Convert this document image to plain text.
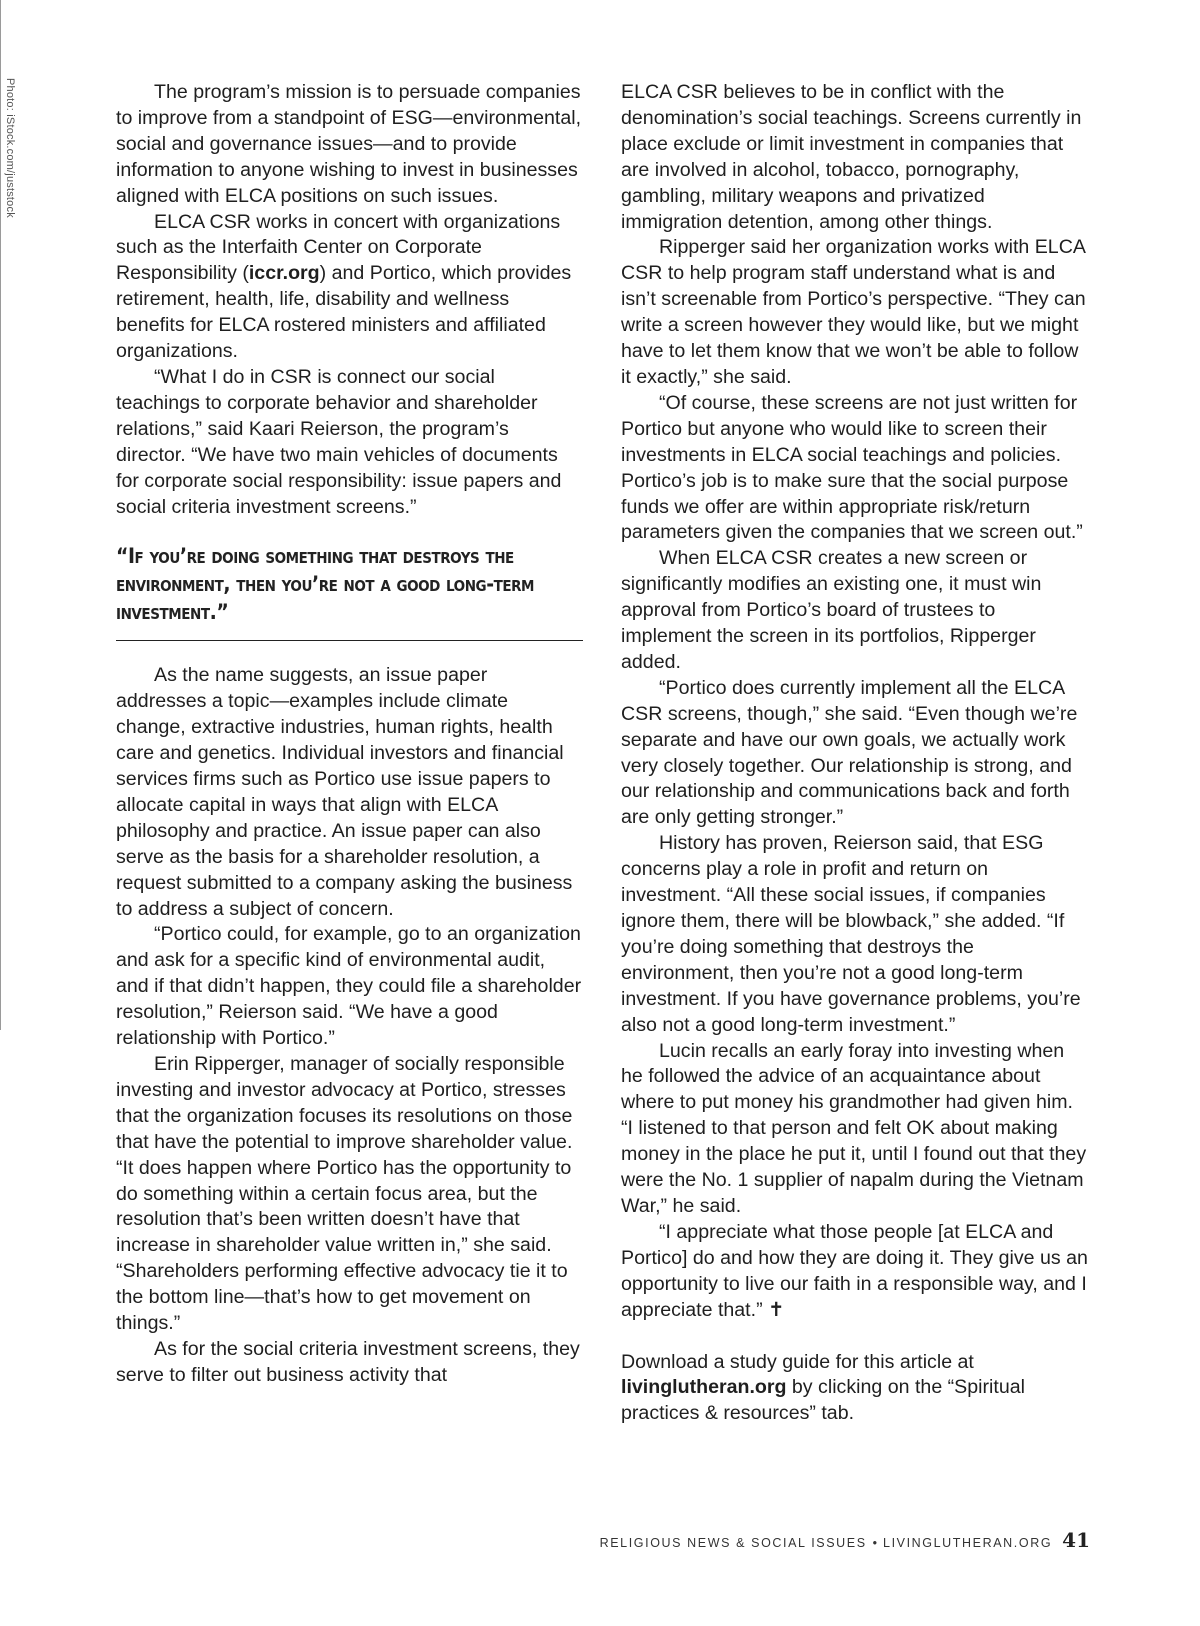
Photo: iStock.com/juststock	The program’s mission is to persuade companies to improve from a standpoint of ESG—environmental, social and governance issues—and to provide information to anyone wishing to invest in businesses aligned with ELCA positions on such issues.

ELCA CSR works in concert with organizations such as the Interfaith Center on Corporate Responsibility (iccr.org) and Portico, which provides retirement, health, life, disability and wellness benefits for ELCA rostered ministers and affiliated organizations.

“What I do in CSR is connect our social teachings to corporate behavior and shareholder relations,” said Kaari Reierson, the program’s director. “We have two main vehicles of documents for corporate social responsibility: issue papers and social criteria investment screens.”

“If you’re doing something that destroys the environment, then you’re not a good long-term investment.”

As the name suggests, an issue paper addresses a topic—examples include climate change, extractive industries, human rights, health care and genetics. Individual investors and financial services firms such as Portico use issue papers to allocate capital in ways that align with ELCA philosophy and practice. An issue paper can also serve as the basis for a shareholder resolution, a request submitted to a company asking the business to address a subject of concern.

“Portico could, for example, go to an organization and ask for a specific kind of environmental audit, and if that didn’t happen, they could file a shareholder resolution,” Reierson said. “We have a good relationship with Portico.”

Erin Ripperger, manager of socially responsible investing and investor advocacy at Portico, stresses that the organization focuses its resolutions on those that have the potential to improve shareholder value. “It does happen where Portico has the opportunity to do something within a certain focus area, but the resolution that’s been written doesn’t have that increase in shareholder value written in,” she said. “Shareholders performing effective advocacy tie it to the bottom line—that’s how to get movement on things.”

As for the social criteria investment screens, they serve to filter out business activity that

ELCA CSR believes to be in conflict with the denomination’s social teachings. Screens currently in place exclude or limit investment in companies that are involved in alcohol, tobacco, pornography, gambling, military weapons and privatized immigration detention, among other things.

Ripperger said her organization works with ELCA CSR to help program staff understand what is and isn’t screenable from Portico’s perspective. “They can write a screen however they would like, but we might have to let them know that we won’t be able to follow it exactly,” she said.

“Of course, these screens are not just written for Portico but anyone who would like to screen their investments in ELCA social teachings and policies. Portico’s job is to make sure that the social purpose funds we offer are within appropriate risk/return parameters given the companies that we screen out.”

When ELCA CSR creates a new screen or significantly modifies an existing one, it must win approval from Portico’s board of trustees to implement the screen in its portfolios, Ripperger added.

“Portico does currently implement all the ELCA CSR screens, though,” she said. “Even though we’re separate and have our own goals, we actually work very closely together. Our relationship is strong, and our relationship and communications back and forth are only getting stronger.”

History has proven, Reierson said, that ESG concerns play a role in profit and return on investment. “All these social issues, if companies ignore them, there will be blowback,” she added. “If you’re doing something that destroys the environment, then you’re not a good long-term investment. If you have governance problems, you’re also not a good long-term investment.”

Lucin recalls an early foray into investing when he followed the advice of an acquaintance about where to put money his grandmother had given him. “I listened to that person and felt OK about making money in the place he put it, until I found out that they were the No. 1 supplier of napalm during the Vietnam War,” he said.

“I appreciate what those people [at ELCA and Portico] do and how they are doing it. They give us an opportunity to live our faith in a responsible way, and I appreciate that.” ✝

Download a study guide for this article at livinglutheran.org by clicking on the “Spiritual practices & resources” tab.

RELIGIOUS NEWS & SOCIAL ISSUES • LIVINGLUTHERAN.ORG 41
